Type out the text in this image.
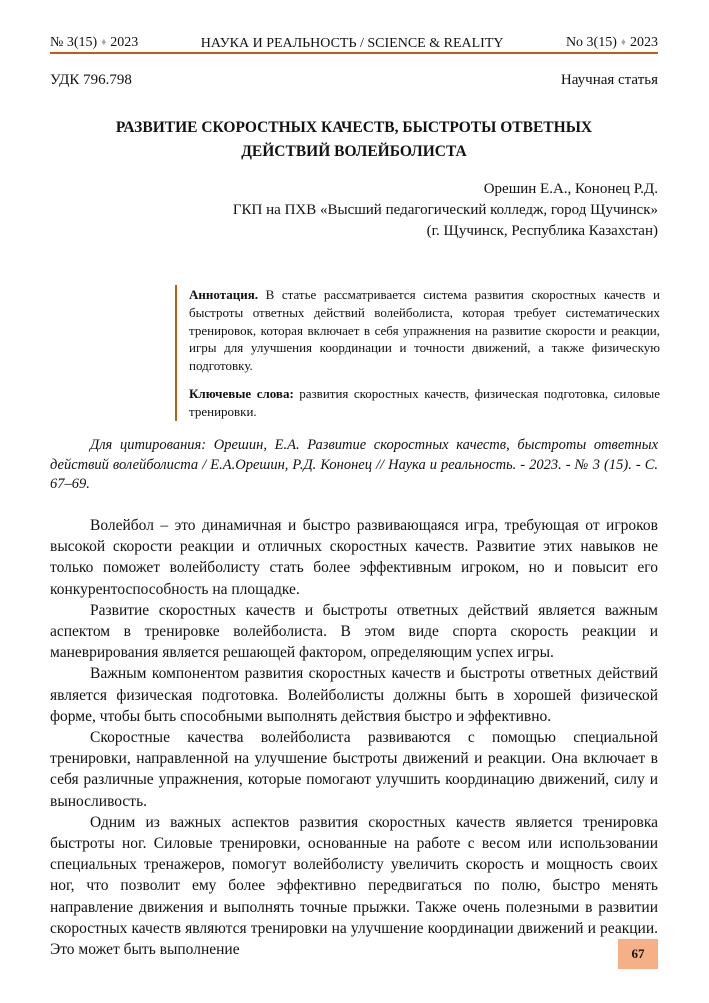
№ 3(15) ♦ 2023	НАУКА И РЕАЛЬНОСТЬ / SCIENCE & REALITY	No 3(15) ♦ 2023
УДК 796.798	Научная статья
РАЗВИТИЕ СКОРОСТНЫХ КАЧЕСТВ, БЫСТРОТЫ ОТВЕТНЫХ
ДЕЙСТВИЙ ВОЛЕЙБОЛИСТА
Орешин Е.А., Кононец Р.Д.
ГКП на ПХВ «Высший педагогический колледж, город Щучинск»
(г. Щучинск, Республика Казахстан)
Аннотация. В статье рассматривается система развития скоростных качеств и быстроты ответных действий волейболиста, которая требует систематических тренировок, которая включает в себя упражнения на развитие скорости и реакции, игры для улучшения координации и точности движений, а также физическую подготовку.
Ключевые слова: развития скоростных качеств, физическая подготовка, силовые тренировки.
Для цитирования: Орешин, Е.А. Развитие скоростных качеств, быстроты ответных действий волейболиста / Е.А.Орешин, Р.Д. Кононец // Наука и реальность. - 2023. - № 3 (15). - С. 67–69.

Волейбол – это динамичная и быстро развивающаяся игра, требующая от игроков высокой скорости реакции и отличных скоростных качеств. Развитие этих навыков не только поможет волейболисту стать более эффективным игроком, но и повысит его конкурентоспособность на площадке.

Развитие скоростных качеств и быстроты ответных действий является важным аспектом в тренировке волейболиста. В этом виде спорта скорость реакции и маневрирования является решающей фактором, определяющим успех игры.

Важным компонентом развития скоростных качеств и быстроты ответных действий является физическая подготовка. Волейболисты должны быть в хорошей физической форме, чтобы быть способными выполнять действия быстро и эффективно.

Скоростные качества волейболиста развиваются с помощью специальной тренировки, направленной на улучшение быстроты движений и реакции. Она включает в себя различные упражнения, которые помогают улучшить координацию движений, силу и выносливость.

Одним из важных аспектов развития скоростных качеств является тренировка быстроты ног. Силовые тренировки, основанные на работе с весом или использовании специальных тренажеров, помогут волейболисту увеличить скорость и мощность своих ног, что позволит ему более эффективно передвигаться по полю, быстро менять направление движения и выполнять точные прыжки. Также очень полезными в развитии скоростных качеств являются тренировки на улучшение координации движений и реакции. Это может быть выполнение	67
